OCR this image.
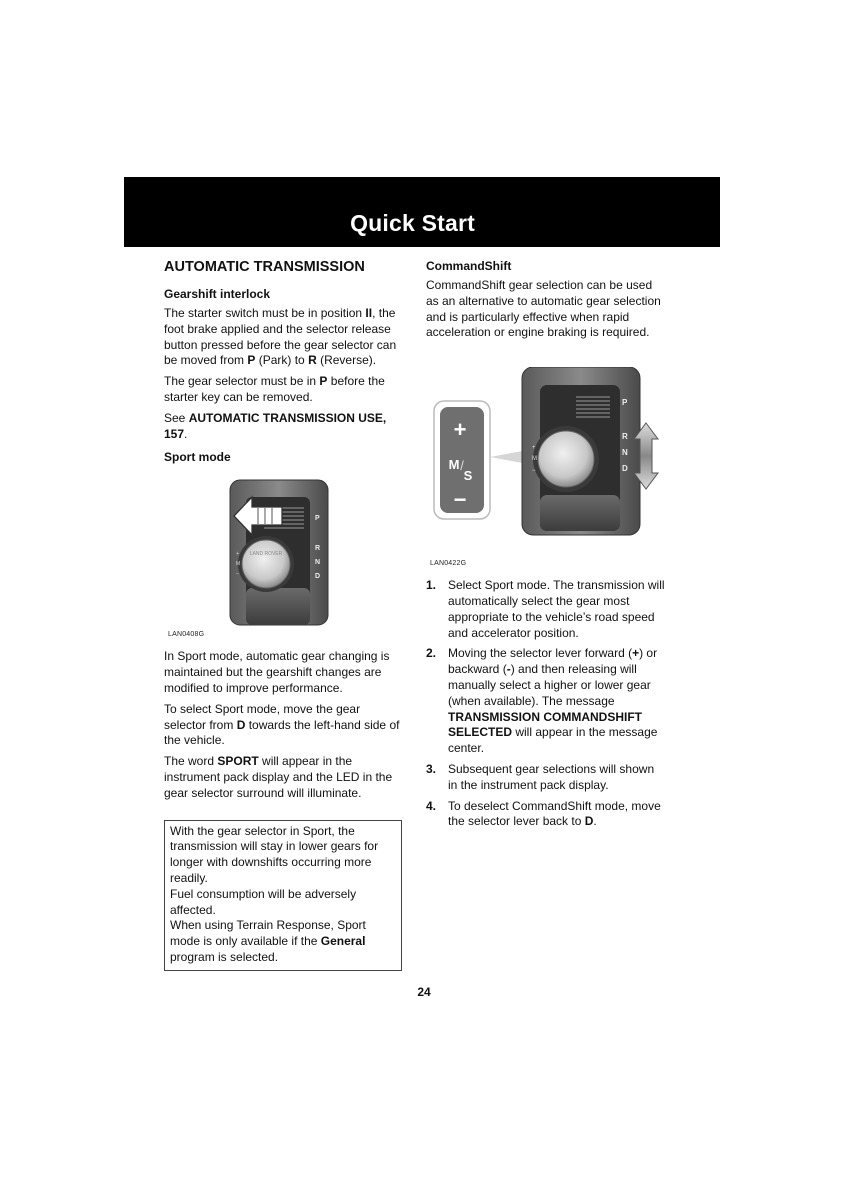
Quick Start
AUTOMATIC TRANSMISSION
Gearshift interlock

The starter switch must be in position II, the foot brake applied and the selector release button pressed before the gear selector can be moved from P (Park) to R (Reverse).

The gear selector must be in P before the starter key can be removed.

See AUTOMATIC TRANSMISSION USE, 157.

Sport mode
LAND ROVER
P
R
N
D
+
M
−
LAN0408G

In Sport mode, automatic gear changing is maintained but the gearshift changes are modified to improve performance.

To select Sport mode, move the gear selector from D towards the left-hand side of the vehicle.

The word SPORT will appear in the instrument pack display and the LED in the gear selector surround will illuminate.

With the gear selector in Sport, the transmission will stay in lower gears for longer with downshifts occurring more readily.
Fuel consumption will be adversely affected.
When using Terrain Response, Sport mode is only available if the General program is selected.
CommandShift

CommandShift gear selection can be used as an alternative to automatic gear selection and is particularly effective when rapid acceleration or engine braking is required.

+
M /
S
−
P
R
N
D
+
M
−
LAN0422G
1. Select Sport mode. The transmission will automatically select the gear most appropriate to the vehicle’s road speed and accelerator position.
2. Moving the selector lever forward (+) or backward (-) and then releasing will manually select a higher or lower gear (when available). The message TRANSMISSION COMMANDSHIFT SELECTED will appear in the message center.
3. Subsequent gear selections will shown in the instrument pack display.
4. To deselect CommandShift mode, move the selector lever back to D.
24
